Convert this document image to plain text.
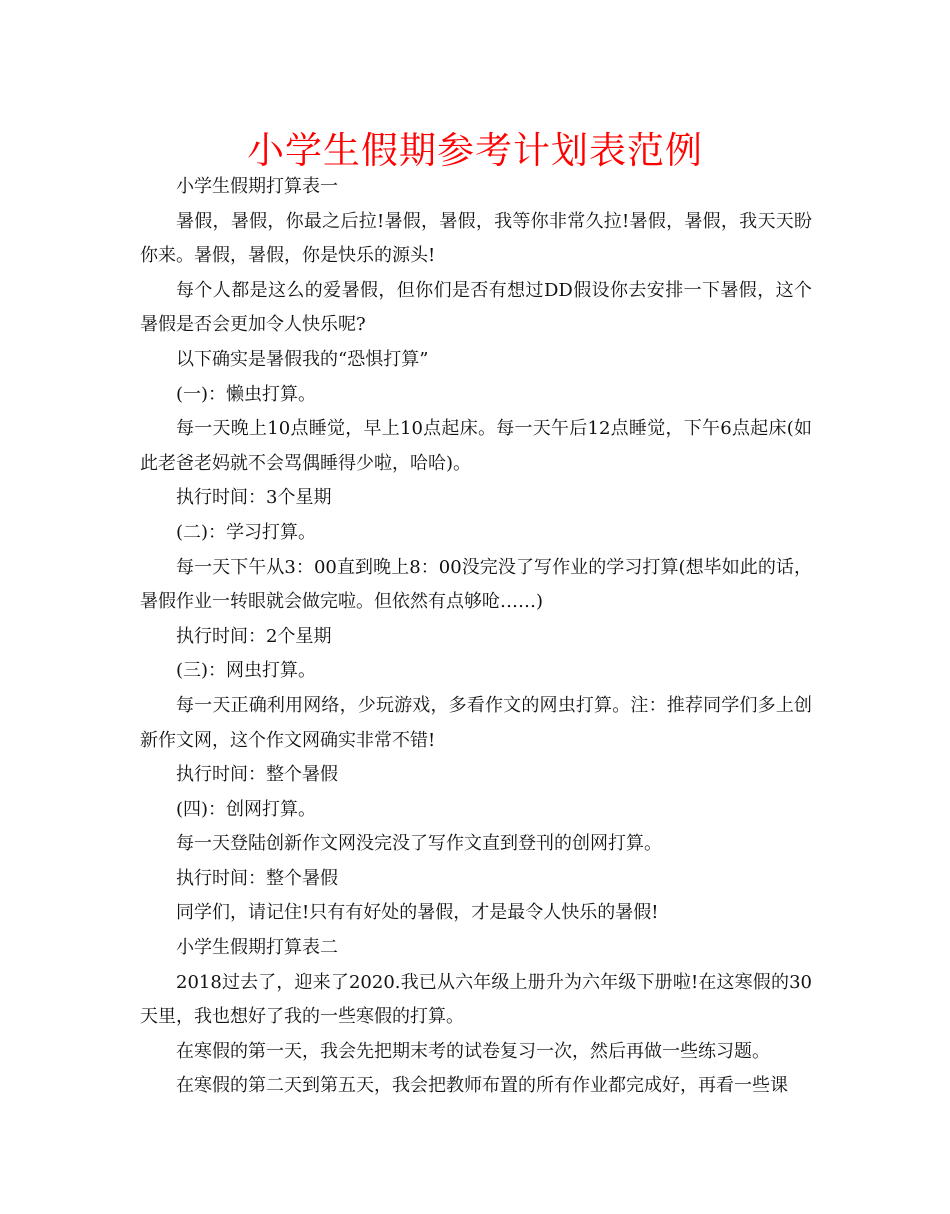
小学生假期参考计划表范例

小学生假期打算表一

暑假，暑假，你最之后拉!暑假，暑假，我等你非常久拉!暑假，暑假，我天天盼你来。暑假，暑假，你是快乐的源头!

每个人都是这么的爱暑假，但你们是否有想过DD假设你去安排一下暑假，这个暑假是否会更加令人快乐呢?

以下确实是暑假我的“恐惧打算”

(一)：懒虫打算。

每一天晚上10点睡觉，早上10点起床。每一天午后12点睡觉，下午6点起床(如此老爸老妈就不会骂偶睡得少啦，哈哈)。

执行时间：3个星期

(二)：学习打算。

每一天下午从3：00直到晚上8：00没完没了写作业的学习打算(想毕如此的话，暑假作业一转眼就会做完啦。但依然有点够呛……)

执行时间：2个星期

(三)：网虫打算。

每一天正确利用网络，少玩游戏，多看作文的网虫打算。注：推荐同学们多上创新作文网，这个作文网确实非常不错!

执行时间：整个暑假

(四)：创网打算。

每一天登陆创新作文网没完没了写作文直到登刊的创网打算。

执行时间：整个暑假

同学们，请记住!只有有好处的暑假，才是最令人快乐的暑假!

小学生假期打算表二

2018过去了，迎来了2020.我已从六年级上册升为六年级下册啦!在这寒假的30天里，我也想好了我的一些寒假的打算。

在寒假的第一天，我会先把期末考的试卷复习一次，然后再做一些练习题。

在寒假的第二天到第五天，我会把教师布置的所有作业都完成好，再看一些课
